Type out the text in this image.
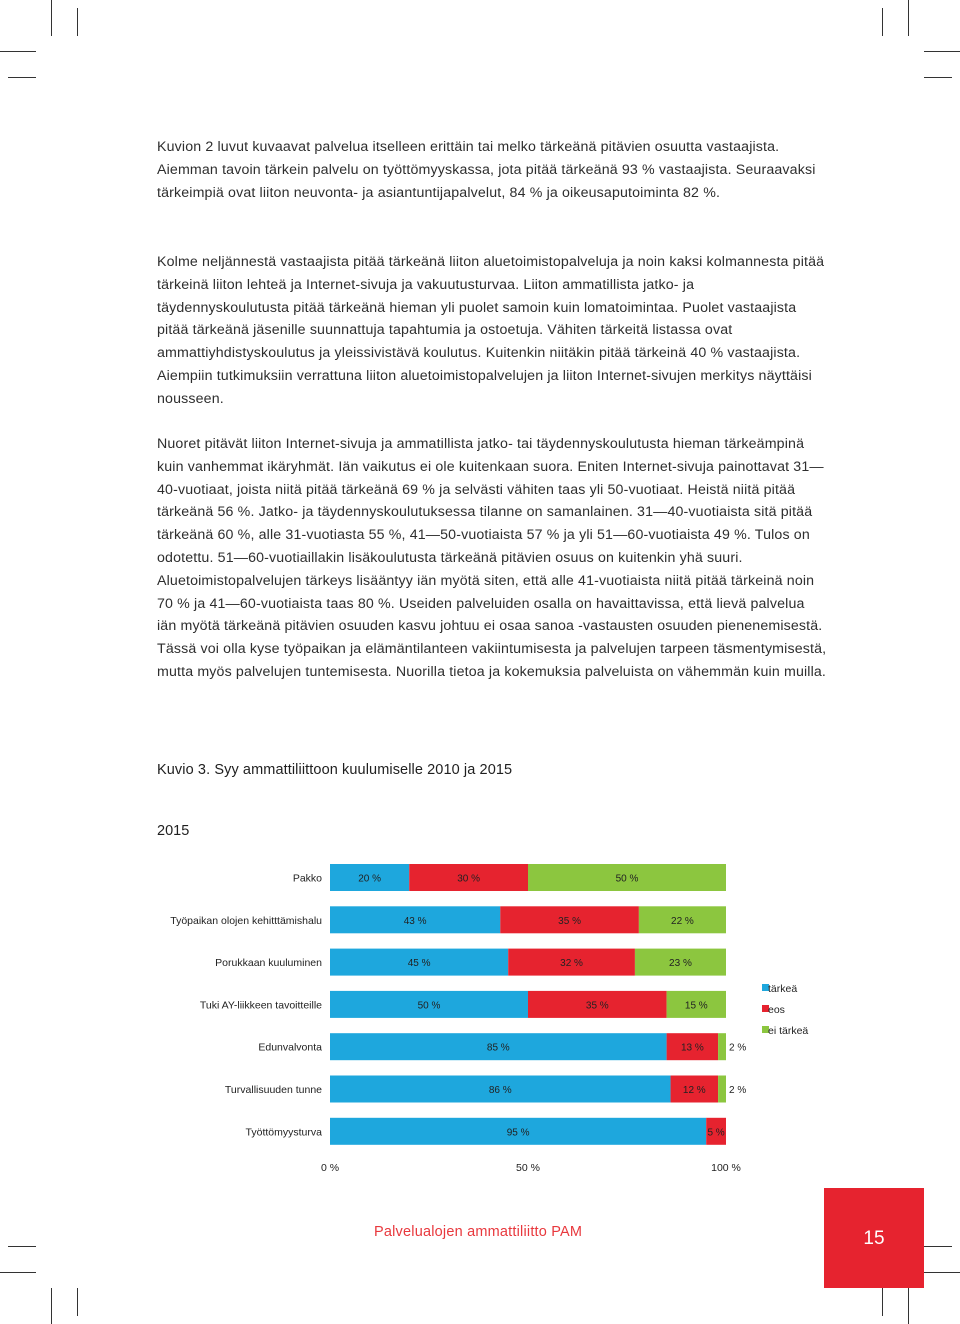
Kuvion 2 luvut kuvaavat palvelua itselleen erittäin tai melko tärkeänä pitävien osuutta vastaajista. Aiemman tavoin tärkein palvelu on työttömyyskassa, jota pitää tärkeänä 93 % vastaajista. Seuraavaksi tärkeimpiä ovat liiton neuvonta- ja asiantuntijapalvelut, 84 % ja oikeusaputoiminta 82 %.

Kolme neljännestä vastaajista pitää tärkeänä liiton aluetoimistopalveluja ja noin kaksi kolmannesta pitää tärkeinä liiton lehteä ja Internet-sivuja ja vakuutusturvaa. Liiton ammatillista jatko- ja täydennyskoulutusta pitää tärkeänä hieman yli puolet samoin kuin lomatoimintaa. Puolet vastaajista pitää tärkeänä jäsenille suunnattuja tapahtumia ja ostoetuja. Vähiten tärkeitä listassa ovat ammattiyhdistyskoulutus ja yleissivistävä koulutus. Kuitenkin niitäkin pitää tärkeinä 40 % vastaajista. Aiempiin tutkimuksiin verrattuna liiton aluetoimistopalvelujen ja liiton Internet-sivujen merkitys näyttäisi nousseen.

Nuoret pitävät liiton Internet-sivuja ja ammatillista jatko- tai täydennyskoulutusta hieman tärkeämpinä kuin vanhemmat ikäryhmät. Iän vaikutus ei ole kuitenkaan suora. Eniten Internet-sivuja painottavat 31—40-vuotiaat, joista niitä pitää tärkeänä 69 % ja selvästi vähiten taas yli 50-vuotiaat. Heistä niitä pitää tärkeänä 56 %. Jatko- ja täydennyskoulutuksessa tilanne on samanlainen. 31—40-vuotiaista sitä pitää tärkeänä 60 %, alle 31-vuotiasta 55 %, 41—50-vuotiaista 57 % ja yli 51—60-vuotiaista 49 %. Tulos on odotettu. 51—60-vuotiaillakin lisäkoulutusta tärkeänä pitävien osuus on kuitenkin yhä suuri. Aluetoimistopalvelujen tärkeys lisääntyy iän myötä siten, että alle 41-vuotiaista niitä pitää tärkeinä noin 70 % ja 41—60-vuotiaista taas 80 %. Useiden palveluiden osalla on havaittavissa, että lievä palvelua iän myötä tärkeänä pitävien osuuden kasvu johtuu ei osaa sanoa -vastausten osuuden pienenemisestä. Tässä voi olla kyse työpaikan ja elämäntilanteen vakiintumisesta ja palvelujen tarpeen täsmentymisestä, mutta myös palvelujen tuntemisesta. Nuorilla tietoa ja kokemuksia palveluista on vähemmän kuin muilla.

Kuvio 3. Syy ammattiliittoon kuulumiselle 2010 ja 2015
2015
Pakko	20 %	30 %	50 %
Työpaikan olojen kehitttämishalu	43 %	35 %	22 %
Porukkaan kuuluminen	45 %	32 %	23 %
Tuki AY-liikkeen tavoitteille	50 %	35 %	15 %
Edunvalvonta	85 %	13 %	2 %
Turvallisuuden tunne	86 %	12 % 2 %
Työttömyysturva	95 %	5 %
0 %	50 %	100 %
tärkeä
eos
ei tärkeä
Palvelualojen ammattiliitto PAM	15
